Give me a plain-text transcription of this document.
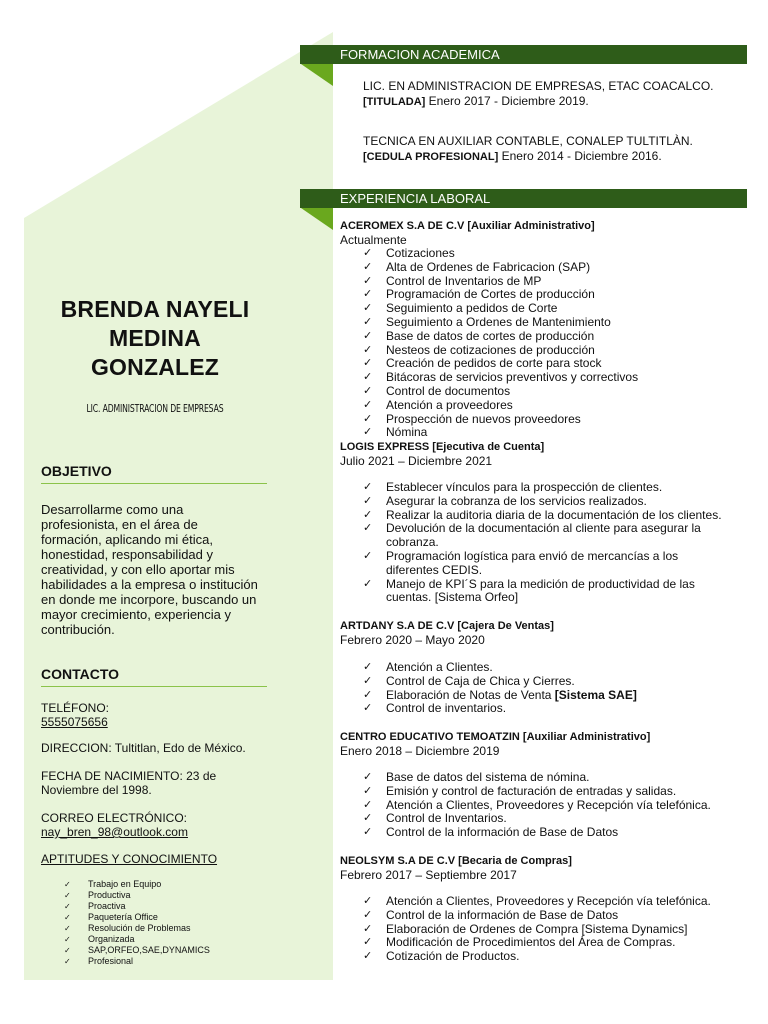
BRENDA NAYELI
MEDINA
GONZALEZ
LIC. ADMINISTRACION DE EMPRESAS
OBJETIVO
Desarrollarme como una profesionista, en el área de formación, aplicando mi ética, honestidad, responsabilidad y creatividad, y con ello aportar mis habilidades a la empresa o institución en donde me incorpore, buscando un mayor crecimiento, experiencia y contribución.
CONTACTO
TELÉFONO:
5555075656
DIRECCION: Tultitlan, Edo de México.
FECHA DE NACIMIENTO: 23 de
Noviembre del 1998.
CORREO ELECTRÓNICO:
nay_bren_98@outlook.com
APTITUDES Y CONOCIMIENTO
✓ Trabajo en Equipo
✓ Productiva
✓ Proactiva
✓ Paquetería Office
✓ Resolución de Problemas
✓ Organizada
✓ SAP,ORFEO,SAE,DYNAMICS
✓ Profesional
FORMACION ACADEMICA
LIC. EN ADMINISTRACION DE EMPRESAS, ETAC COACALCO.
[TITULADA] Enero 2017 - Diciembre 2019.
TECNICA EN AUXILIAR CONTABLE, CONALEP TULTITLÀN.
[CEDULA PROFESIONAL] Enero 2014 - Diciembre 2016.
EXPERIENCIA LABORAL
ACEROMEX S.A DE C.V [Auxiliar Administrativo]
Actualmente
✓ Cotizaciones
✓ Alta de Ordenes de Fabricacion (SAP)
✓ Control de Inventarios de MP
✓ Programación de Cortes de producción
✓ Seguimiento a pedidos de Corte
✓ Seguimiento a Ordenes de Mantenimiento
✓ Base de datos de cortes de producción
✓ Nesteos de cotizaciones de producción
✓ Creación de pedidos de corte para stock
✓ Bitácoras de servicios preventivos y correctivos
✓ Control de documentos
✓ Atención a proveedores
✓ Prospección de nuevos proveedores
✓ Nómina
LOGIS EXPRESS [Ejecutiva de Cuenta]
Julio 2021 – Diciembre 2021
✓ Establecer vínculos para la prospección de clientes.
✓ Asegurar la cobranza de los servicios realizados.
✓ Realizar la auditoria diaria de la documentación de los clientes.
✓ Devolución de la documentación al cliente para asegurar la cobranza.
✓ Programación logística para envió de mercancías a los diferentes CEDIS.
✓ Manejo de KPI´S para la medición de productividad de las cuentas. [Sistema Orfeo]
ARTDANY S.A DE C.V [Cajera De Ventas]
Febrero 2020 – Mayo 2020
✓ Atención a Clientes.
✓ Control de Caja de Chica y Cierres.
✓ Elaboración de Notas de Venta [Sistema SAE]
✓ Control de inventarios.
CENTRO EDUCATIVO TEMOATZIN [Auxiliar Administrativo]
Enero 2018 – Diciembre 2019
✓ Base de datos del sistema de nómina.
✓ Emisión y control de facturación de entradas y salidas.
✓ Atención a Clientes, Proveedores y Recepción vía telefónica.
✓ Control de Inventarios.
✓ Control de la información de Base de Datos
NEOLSYM S.A DE C.V [Becaria de Compras]
Febrero 2017 – Septiembre 2017
✓ Atención a Clientes, Proveedores y Recepción vía telefónica.
✓ Control de la información de Base de Datos
✓ Elaboración de Ordenes de Compra [Sistema Dynamics]
✓ Modificación de Procedimientos del Área de Compras.
✓ Cotización de Productos.
